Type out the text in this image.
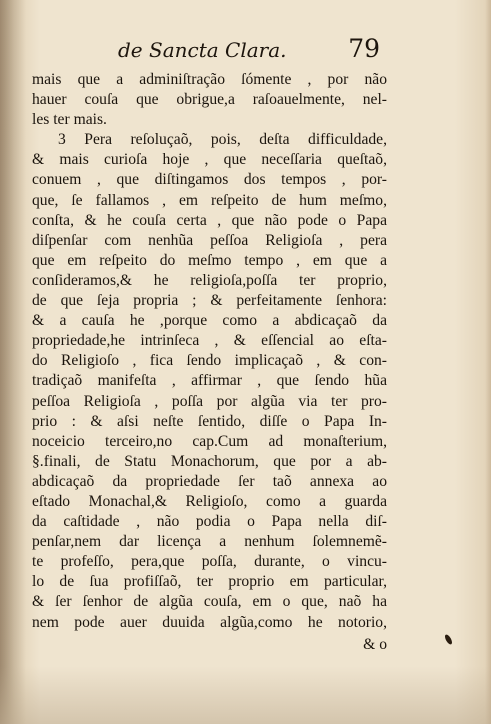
de Sancta Clara. 79
mais que a adminiſtração ſómente , por não
hauer couſa que obrigue,a raſoauelmente, nel-
les ter mais.
3 Pera reſoluçaõ, pois, deſta difficuldade,
& mais curioſa hoje , que neceſſaria queſtaõ,
conuem , que diſtingamos dos tempos , por-
que, ſe fallamos , em reſpeito de hum meſmo,
conſta, & he couſa certa , que não pode o Papa
diſpenſar com nenhũa peſſoa Religioſa , pera
que em reſpeito do meſmo tempo , em que a
conſideramos,& he religioſa,poſſa ter proprio,
de que ſeja propria ; & perfeitamente ſenhora:
& a cauſa he ,porque como a abdicaçaõ da
propriedade,he intrinſeca , & eſſencial ao eſta-
do Religioſo , fica ſendo implicaçaõ , & con-
tradiçaõ manifeſta , affirmar , que ſendo hũa
peſſoa Religioſa , poſſa por algũa via ter pro-
prio : & aſsi neſte ſentido, diſſe o Papa In-
noceicio terceiro,no cap.Cum ad monaſterium,
§.finali, de Statu Monachorum, que por a ab-
abdicaçaõ da propriedade ſer taõ annexa ao
eſtado Monachal,& Religioſo, como a guarda
da caſtidade , não podia o Papa nella diſ-
penſar,nem dar licença a nenhum ſolemnemẽ-
te profeſſo, pera,que poſſa, durante, o vincu-
lo de ſua profiſſaõ, ter proprio em particular,
& ſer ſenhor de algũa couſa, em o que, naõ ha
nem pode auer duuida algũa,como he notorio,
& o
